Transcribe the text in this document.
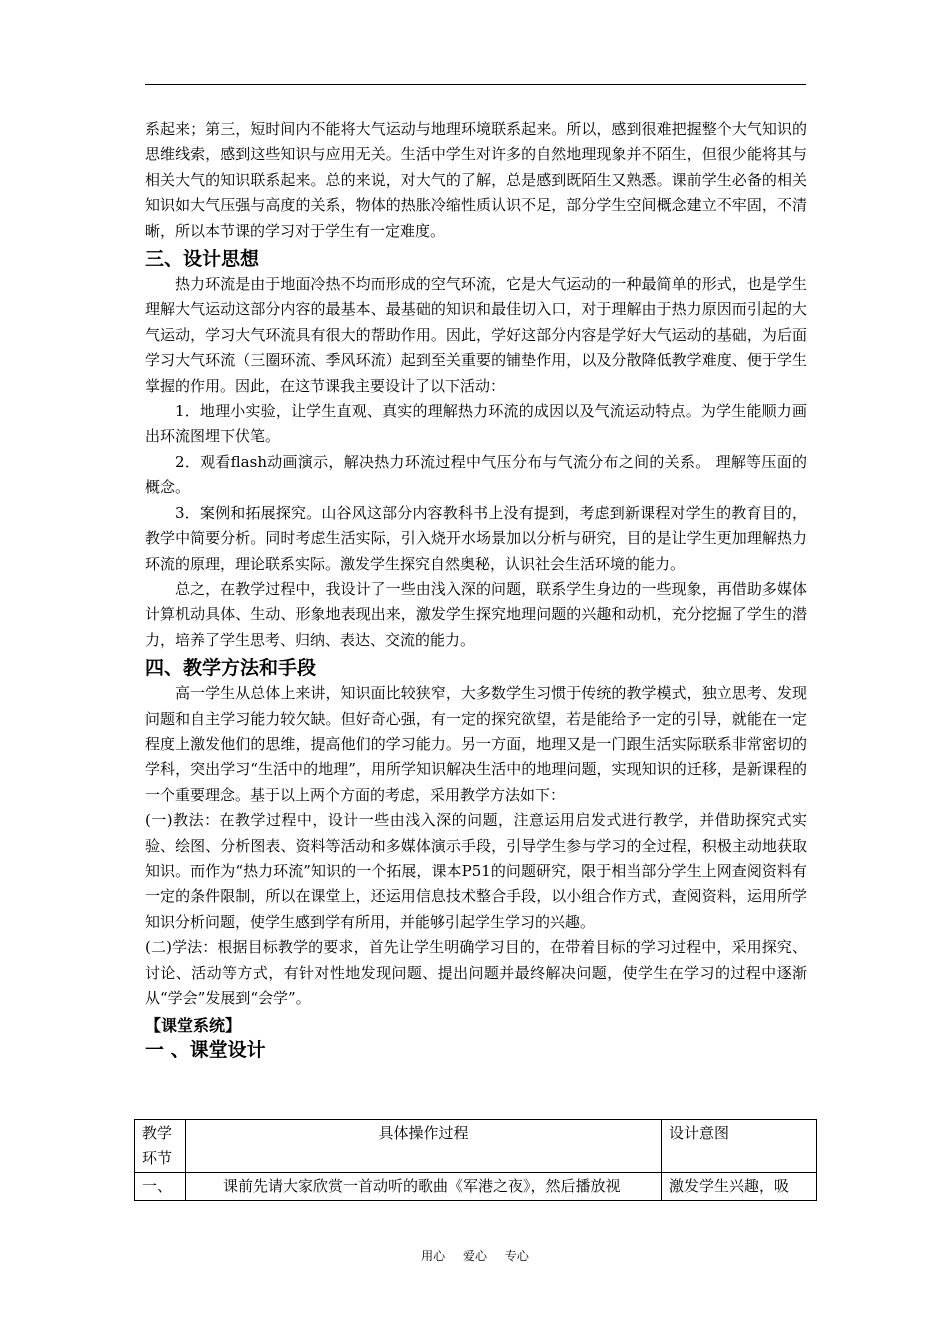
系起来；第三，短时间内不能将大气运动与地理环境联系起来。所以，感到很难把握整个大气知识的思维线索，感到这些知识与应用无关。生活中学生对许多的自然地理现象并不陌生，但很少能将其与相关大气的知识联系起来。总的来说，对大气的了解，总是感到既陌生又熟悉。课前学生必备的相关知识如大气压强与高度的关系，物体的热胀冷缩性质认识不足，部分学生空间概念建立不牢固，不清晰，所以本节课的学习对于学生有一定难度。

三、设计思想

热力环流是由于地面冷热不均而形成的空气环流，它是大气运动的一种最简单的形式，也是学生理解大气运动这部分内容的最基本、最基础的知识和最佳切入口，对于理解由于热力原因而引起的大气运动，学习大气环流具有很大的帮助作用。因此，学好这部分内容是学好大气运动的基础，为后面学习大气环流（三圈环流、季风环流）起到至关重要的铺垫作用，以及分散降低教学难度、便于学生掌握的作用。因此，在这节课我主要设计了以下活动：

1．地理小实验，让学生直观、真实的理解热力环流的成因以及气流运动特点。为学生能顺力画出环流图埋下伏笔。

2．观看flash动画演示，解决热力环流过程中气压分布与气流分布之间的关系。 理解等压面的概念。

3．案例和拓展探究。山谷风这部分内容教科书上没有提到，考虑到新课程对学生的教育目的，教学中简要分析。同时考虑生活实际，引入烧开水场景加以分析与研究，目的是让学生更加理解热力环流的原理，理论联系实际。激发学生探究自然奥秘，认识社会生活环境的能力。

总之，在教学过程中，我设计了一些由浅入深的问题，联系学生身边的一些现象，再借助多媒体计算机动具体、生动、形象地表现出来，激发学生探究地理问题的兴趣和动机，充分挖掘了学生的潜力，培养了学生思考、归纳、表达、交流的能力。

四、教学方法和手段

高一学生从总体上来讲，知识面比较狭窄，大多数学生习惯于传统的教学模式，独立思考、发现问题和自主学习能力较欠缺。但好奇心强，有一定的探究欲望，若是能给予一定的引导，就能在一定程度上激发他们的思维，提高他们的学习能力。另一方面，地理又是一门跟生活实际联系非常密切的学科，突出学习“生活中的地理”，用所学知识解决生活中的地理问题，实现知识的迁移，是新课程的一个重要理念。基于以上两个方面的考虑，采用教学方法如下：

(一)教法：在教学过程中，设计一些由浅入深的问题，注意运用启发式进行教学，并借助探究式实验、绘图、分析图表、资料等活动和多媒体演示手段，引导学生参与学习的全过程，积极主动地获取知识。而作为“热力环流”知识的一个拓展，课本P51的问题研究，限于相当部分学生上网查阅资料有一定的条件限制，所以在课堂上，还运用信息技术整合手段，以小组合作方式，查阅资料，运用所学知识分析问题，使学生感到学有所用，并能够引起学生学习的兴趣。

(二)学法：根据目标教学的要求，首先让学生明确学习目的，在带着目标的学习过程中，采用探究、讨论、活动等方式，有针对性地发现问题、提出问题并最终解决问题，使学生在学习的过程中逐渐从“学会”发展到“会学”。

【课堂系统】
一 、课堂设计
教学环节	具体操作过程	设计意图
一、	课前先请大家欣赏一首动听的歌曲《军港之夜》，然后播放视	激发学生兴趣，吸
用心 爱心 专心
